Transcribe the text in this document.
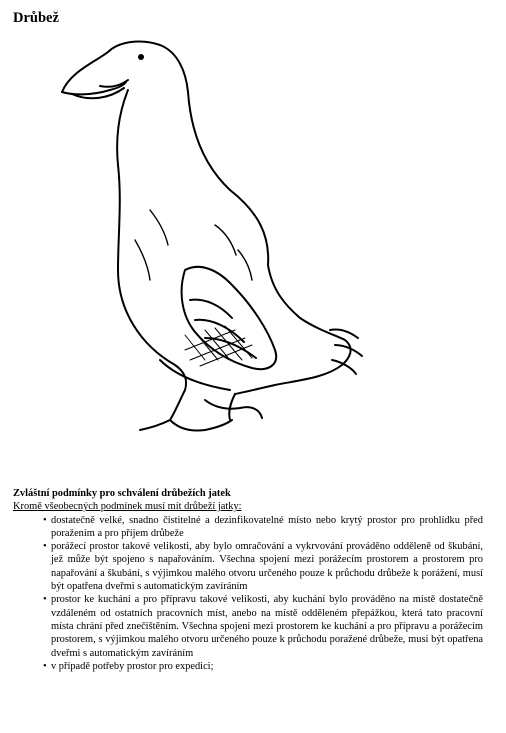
Drůbež

Zvláštní podmínky pro schválení drůbežích jatek

Kromě všeobecných podmínek musí mít drůbeží jatky:

• dostatečně velké, snadno čistitelné a dezinfikovatelné místo nebo krytý prostor pro prohlídku před poražením a pro příjem drůbeže
• porážecí prostor takové velikosti, aby bylo omračování a vykrvování prováděno odděleně od škubání, jež může být spojeno s napařováním. Všechna spojení mezi porážecím prostorem a prostorem pro napařování a škubání, s výjimkou malého otvoru určeného pouze k průchodu drůbeže k porážení, musí být opatřena dveřmi s automatickým zavíráním
• prostor ke kuchání a pro přípravu takové velikosti, aby kuchání bylo prováděno na místě dostatečně vzdáleném od ostatních pracovních míst, anebo na místě odděleném přepážkou, která tato pracovní místa chrání před znečištěním. Všechna spojení mezi prostorem ke kuchání a pro přípravu a porážecím prostorem, s výjimkou malého otvoru určeného pouze k průchodu poražené drůbeže, musí být opatřena dveřmi s automatickým zavíráním
• v případě potřeby prostor pro expedici;
